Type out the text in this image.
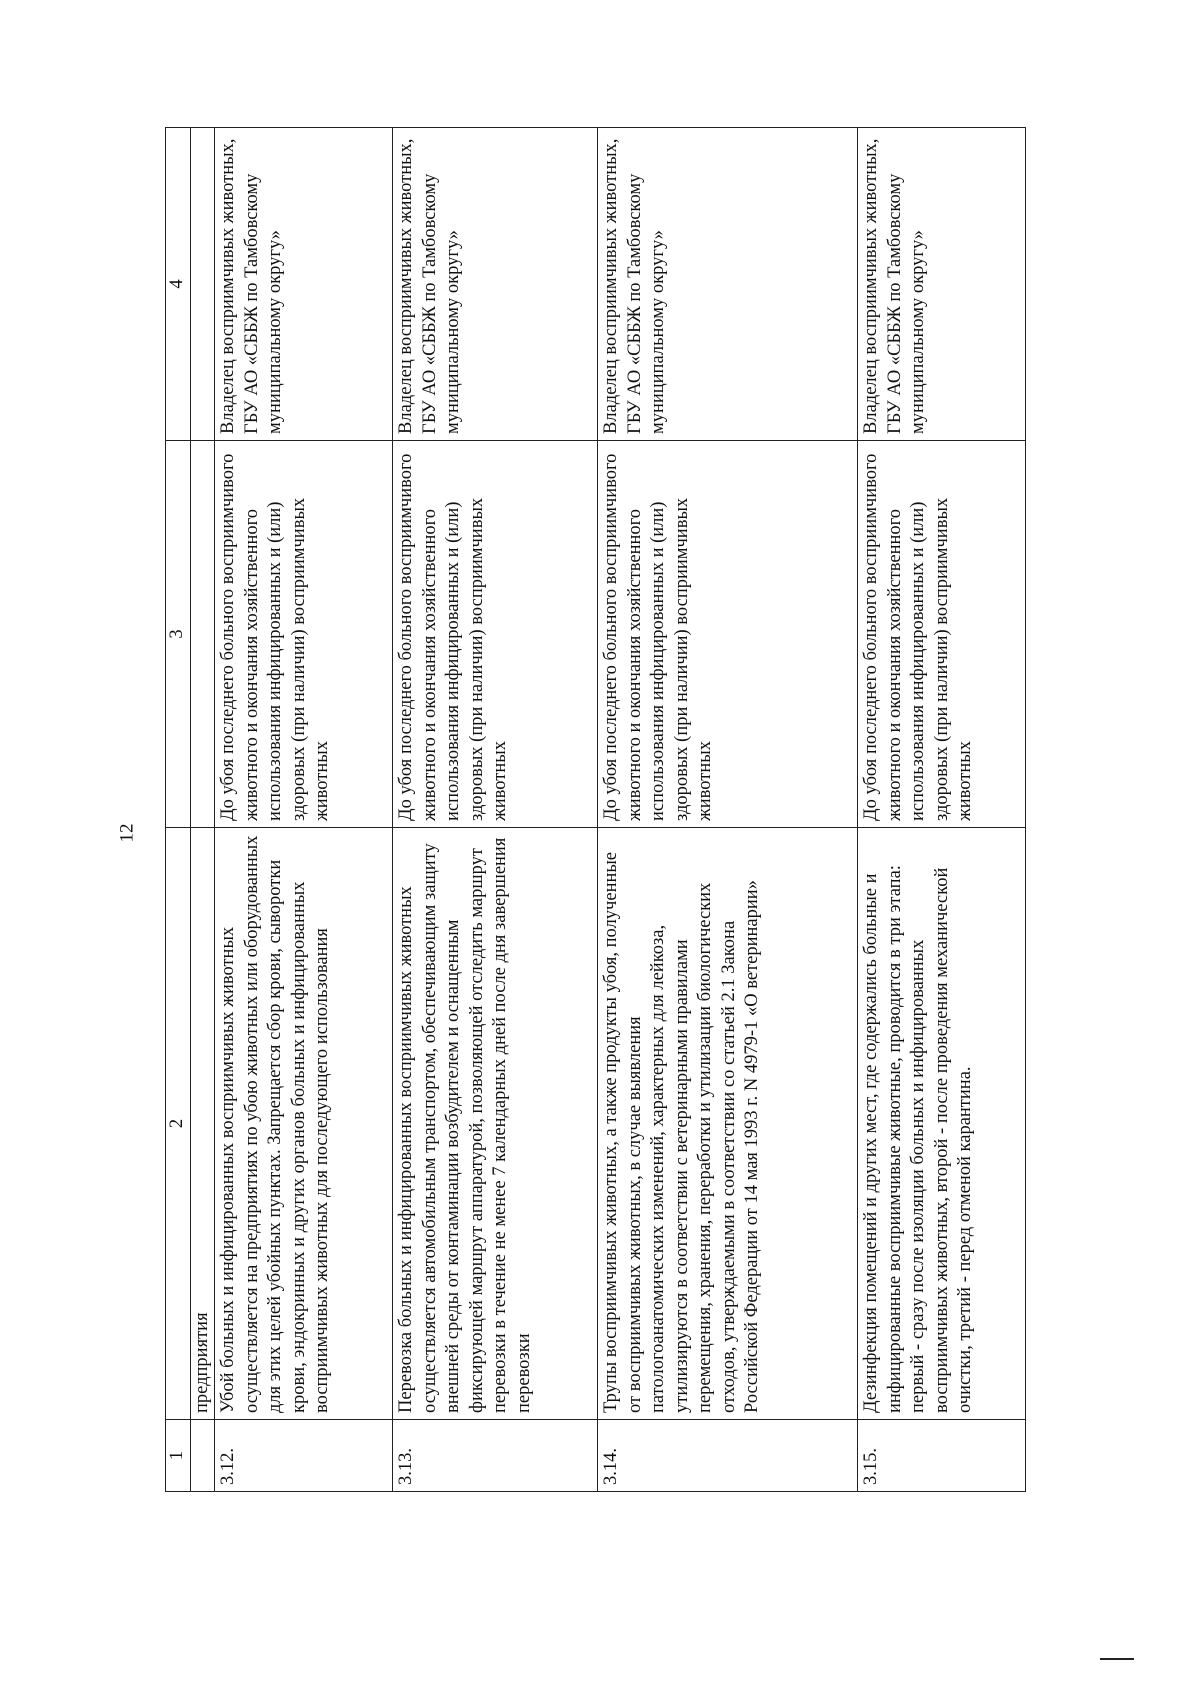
12
1	2	3	4
	предприятия		
3.12.	Убой больных и инфицированных восприимчивых животных осуществляется на предприятиях по убою животных или оборудованных для этих целей убойных пунктах. Запрещается сбор крови, сыворотки крови, эндокринных и других органов больных и инфицированных восприимчивых животных для последующего использования	До убоя последнего больного восприимчивого животного и окончания хозяйственного использования инфицированных и (или) здоровых (при наличии) восприимчивых животных	Владелец восприимчивых животных, ГБУ АО «СББЖ по Тамбовскому муниципальному округу»
3.13.	Перевозка больных и инфицированных восприимчивых животных осуществляется автомобильным транспортом, обеспечивающим защиту внешней среды от контаминации возбудителем и оснащенным фиксирующей маршрут аппаратурой, позволяющей отследить маршрут перевозки в течение не менее 7 календарных дней после дня завершения перевозки	До убоя последнего больного восприимчивого животного и окончания хозяйственного использования инфицированных и (или) здоровых (при наличии) восприимчивых животных	Владелец восприимчивых животных, ГБУ АО «СББЖ по Тамбовскому муниципальному округу»
3.14.	Трупы восприимчивых животных, а также продукты убоя, полученные от восприимчивых животных, в случае выявления патологоанатомических изменений, характерных для лейкоза, утилизируются в соответствии с ветеринарными правилами перемещения, хранения, переработки и утилизации биологических отходов, утверждаемыми в соответствии со статьей 2.1 Закона Российской Федерации от 14 мая 1993 г. N 4979-1 «О ветеринарии»	До убоя последнего больного восприимчивого животного и окончания хозяйственного использования инфицированных и (или) здоровых (при наличии) восприимчивых животных	Владелец восприимчивых животных, ГБУ АО «СББЖ по Тамбовскому муниципальному округу»
3.15.	Дезинфекция помещений и других мест, где содержались больные и инфицированные восприимчивые животные, проводится в три этапа: первый - сразу после изоляции больных и инфицированных восприимчивых животных, второй - после проведения механической очистки, третий - перед отменой карантина.	До убоя последнего больного восприимчивого животного и окончания хозяйственного использования инфицированных и (или) здоровых (при наличии) восприимчивых животных	Владелец восприимчивых животных, ГБУ АО «СББЖ по Тамбовскому муниципальному округу»
